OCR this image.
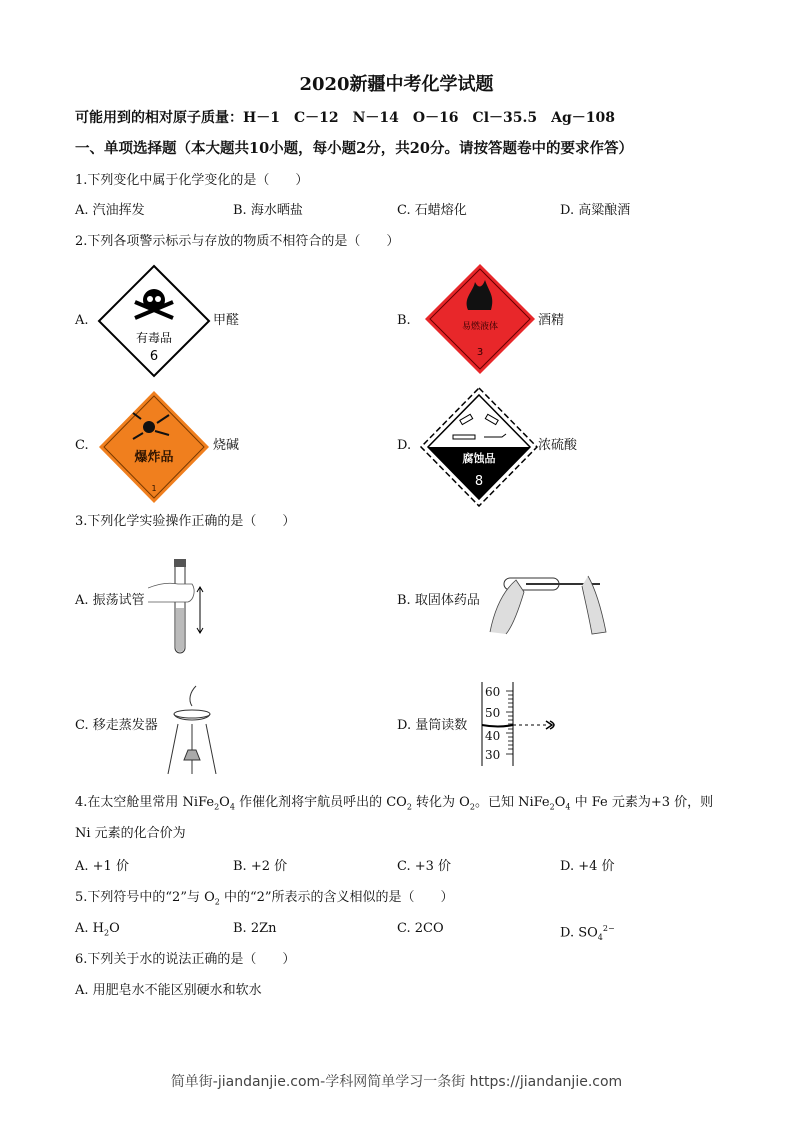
2020新疆中考化学试题
可能用到的相对原子质量：H－1　C－12　N－14　O－16　Cl－35.5　Ag－108
一、单项选择题（本大题共10小题，每小题2分，共20分。请按答题卷中的要求作答）
1.下列变化中属于化学变化的是（　　）
A. 汽油挥发	B. 海水晒盐	C. 石蜡熔化	D. 高粱酿酒
2.下列各项警示标示与存放的物质不相符合的是（　　）
A.
有毒品
6
甲醛	B.	易燃液体
3
酒精
C.
爆炸品
1
烧碱	D.
腐蚀品
8
浓硫酸
3.下列化学实验操作正确的是（　　）
A. 振荡试管	B. 取固体药品
C. 移走蒸发器	D. 量筒读数
60
50
40
30
4.在太空舱里常用 $NiFe_2O_4$ 作催化剂将宇航员呼出的 $CO_2$ 转化为 $O_2$。已知 $NiFe_2O_4$ 中 Fe 元素为+3 价，则
Ni 元素的化合价为
A. +1 价	B. +2 价	C. +3 价	D. +4 价
5.下列符号中的“2”与 $O_2$ 中的“2”所表示的含义相似的是（　　）
A. $H_2O$	B. 2Zn	C. 2CO	D. $SO_4^{2-}$
6.下列关于水的说法正确的是（　　）
A. 用肥皂水不能区别硬水和软水
简单街-jiandanjie.com-学科网简单学习一条街 https://jiandanjie.com
